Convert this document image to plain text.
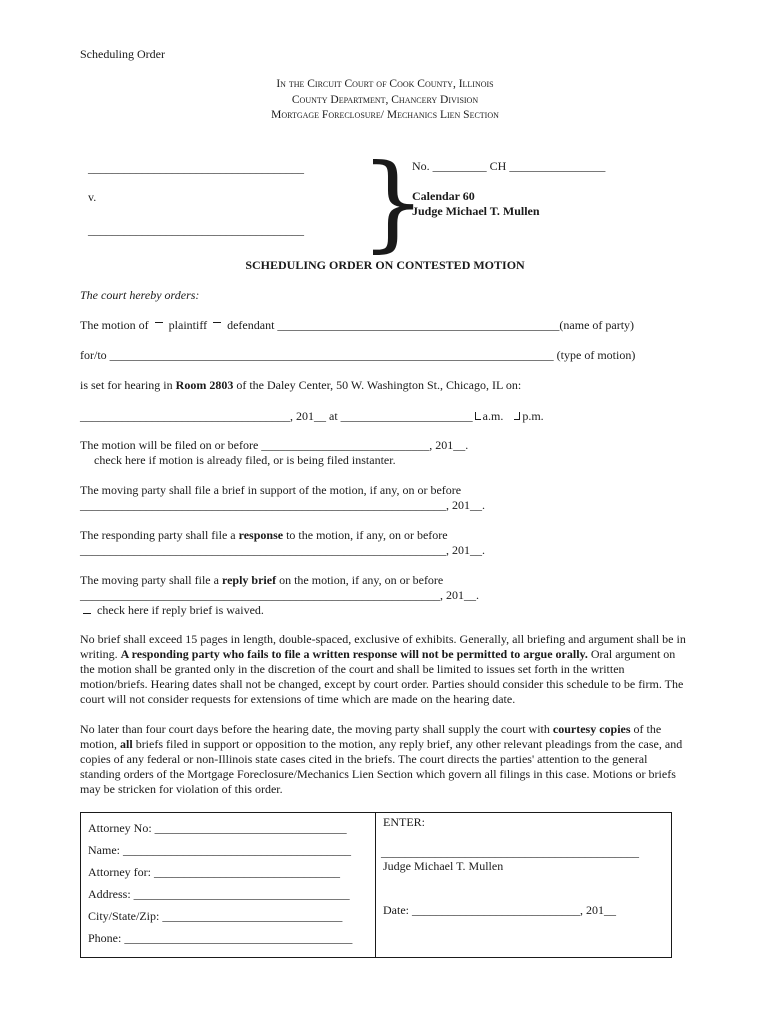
Scheduling Order
In the Circuit Court of Cook County, Illinois
County Department, Chancery Division
Mortgage Foreclosure/ Mechanics Lien Section
____________________________________
v.
____________________________________ }
No. _________ CH ________________
Calendar 60
Judge Michael T. Mullen
SCHEDULING ORDER ON CONTESTED MOTION
The court hereby orders:
The motion of plaintiff defendant _______________________________________________(name of party)
for/to __________________________________________________________________________ (type of motion)
is set for hearing in Room 2803 of the Daley Center, 50 W. Washington St., Chicago, IL on:
___________________________________, 201__ at ______________________ a.m. p.m.
The motion will be filed on or before ____________________________, 201__.
check here if motion is already filed, or is being filed instanter.
The moving party shall file a brief in support of the motion, if any, on or before
_____________________________________________________________, 201__.
The responding party shall file a response to the motion, if any, on or before
_____________________________________________________________, 201__.
The moving party shall file a reply brief on the motion, if any, on or before
____________________________________________________________, 201__.
check here if reply brief is waived.
No brief shall exceed 15 pages in length, double-spaced, exclusive of exhibits. Generally, all briefing and argument shall be in writing. A responding party who fails to file a written response will not be permitted to argue orally. Oral argument on the motion shall be granted only in the discretion of the court and shall be limited to issues set forth in the written motion/briefs. Hearing dates shall not be changed, except by court order. Parties should consider this schedule to be firm. The court will not consider requests for extensions of time which are made on the hearing date.
No later than four court days before the hearing date, the moving party shall supply the court with courtesy copies of the motion, all briefs filed in support or opposition to the motion, any reply brief, any other relevant pleadings from the case, and copies of any federal or non-Illinois state cases cited in the briefs. The court directs the parties' attention to the general standing orders of the Mortgage Foreclosure/Mechanics Lien Section which govern all filings in this case. Motions or briefs may be stricken for violation of this order.
Attorney No: ________________________________
Name: ______________________________________
Attorney for: _______________________________
Address: ____________________________________
City/State/Zip: ______________________________
Phone: ______________________________________
ENTER:
___________________________________________
Judge Michael T. Mullen
Date: ____________________________, 201__
